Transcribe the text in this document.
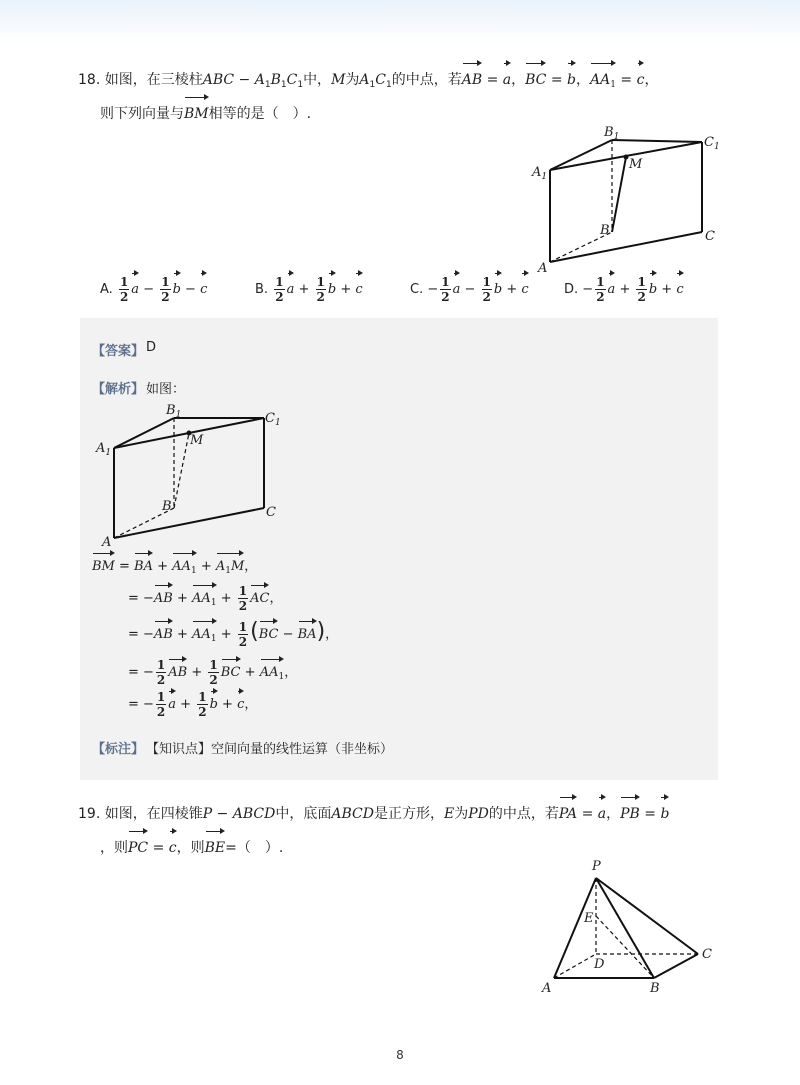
18. 如图，在三棱柱ABC − $A_1B_1C_1$中，M为$A_1C_1$的中点，若AB = a，BC = b，$AA_1 = c$，
则下列向量与BM相等的是（　）.
$B_1$	$C_1$
$A_1$
M
B	C
A
A. $\frac{1}{2}$ $a - \frac{1}{2}$ b − c	B. $\frac{1}{2}$ $a + \frac{1}{2}$ b + c	C. − $\frac{1}{2}$ $a - \frac{1}{2}$ b + c	D. − $\frac{1}{2}$ $a + \frac{1}{2}$ b + c
【答案】 D
【解析】 如图：
$B_1$	$C_1$
$A_1$
M
B	C
A
BM = BA + $AA_1 + A_1M$，
= $-AB + AA_1 + \frac{1}{2}$ AC，
= $-AB + AA_1 + \frac{1}{2} (BC - BA)$，
= − $\frac{1}{2}$ AB + $\frac{1}{2}$ BC + $AA_1$，
= − $\frac{1}{2}$ $a + \frac{1}{2}$ b + c，
【标注】 【知识点】空间向量的线性运算（非坐标）
19. 如图，在四棱锥P − ABCD中，底面ABCD是正方形，E为PD的中点，若PA = a，PB = b
，则PC = c，则BE=（　）.
P
E
D
C
B
A
8
